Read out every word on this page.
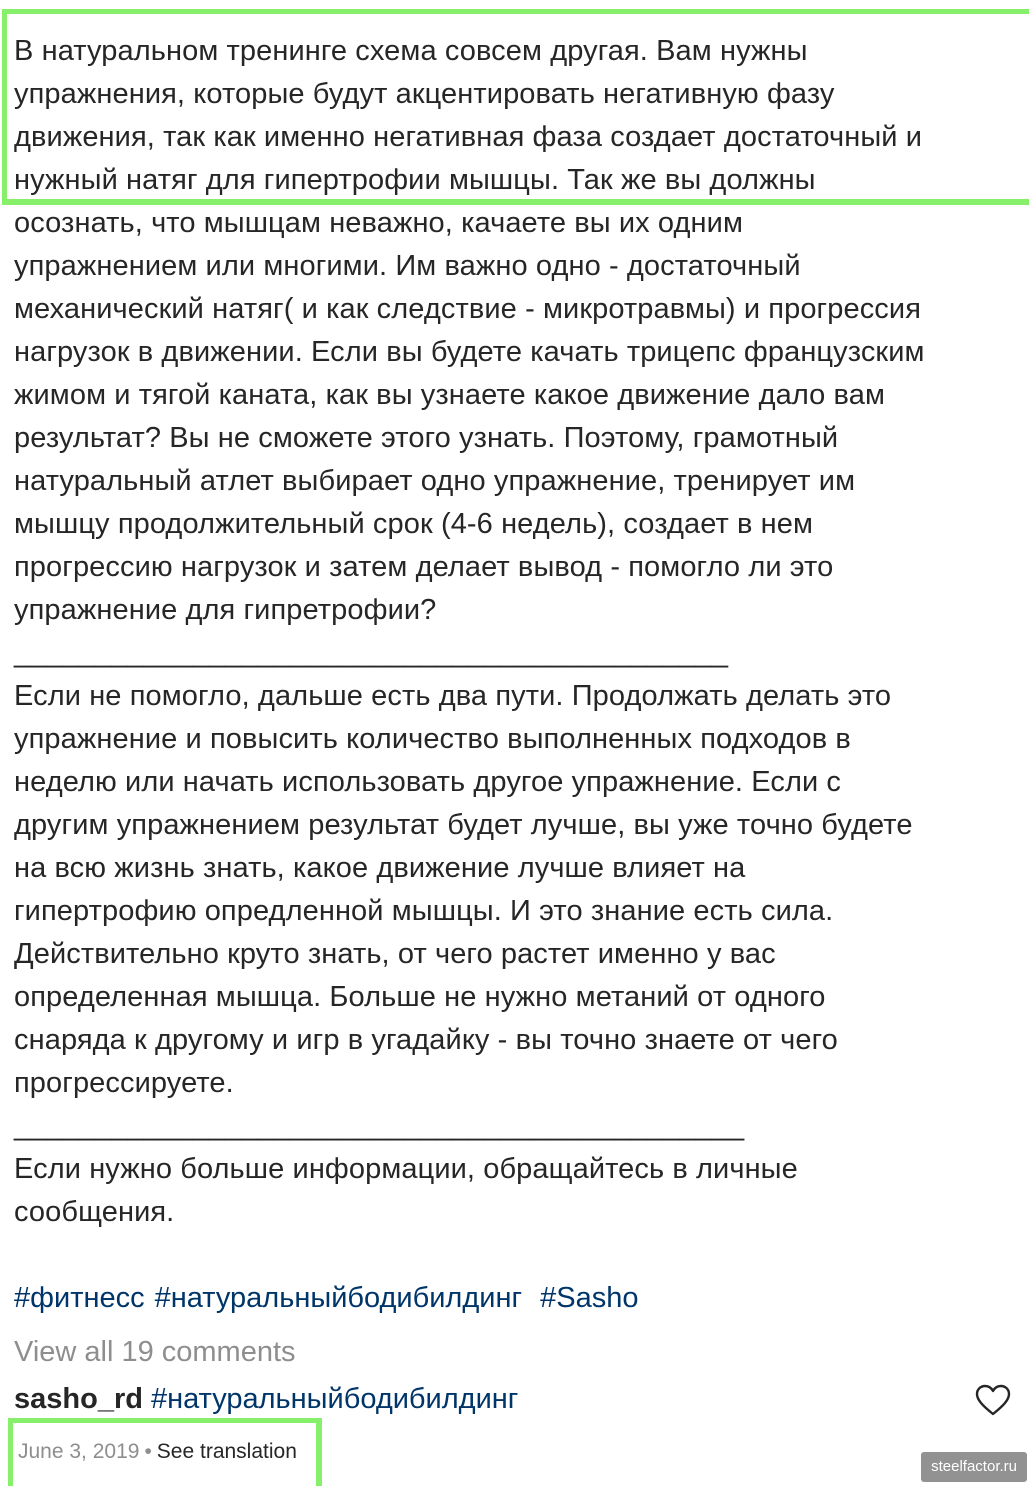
В натуральном тренинге схема совсем другая. Вам нужны
упражнения, которые будут акцентировать негативную фазу
движения, так как именно негативная фаза создает достаточный и
нужный натяг для гипертрофии мышцы. Так же вы должны
осознать, что мышцам неважно, качаете вы их одним
упражнением или многими. Им важно одно - достаточный
механический натяг( и как следствие - микротравмы) и прогрессия
нагрузок в движении. Если вы будете качать трицепс французским
жимом и тягой каната, как вы узнаете какое движение дало вам
результат? Вы не сможете этого узнать. Поэтому, грамотный
натуральный атлет выбирает одно упражнение, тренирует им
мышцу продолжительный срок (4-6 недель), создает в нем
прогрессию нагрузок и затем делает вывод - помогло ли это
упражнение для гипретрофии?

____________________________________________

Если не помогло, дальше есть два пути. Продолжать делать это
упражнение и повысить количество выполненных подходов в
неделю или начать использовать другое упражнение. Если с
другим упражнением результат будет лучше, вы уже точно будете
на всю жизнь знать, какое движение лучше влияет на
гипертрофию опредленной мышцы. И это знание есть сила.
Действительно круто знать, от чего растет именно у вас
определенная мышца. Больше не нужно метаний от одного
снаряда к другому и игр в угадайку - вы точно знаете от чего
прогрессируете.

_____________________________________________

Если нужно больше информации, обращайтесь в личные
сообщения.

#фитнесс #натуральныйбодибилдинг #Sasho
View all 19 comments
sasho_rd #натуральныйбодибилдинг
June 3, 2019 • See translation
steelfactor.ru
